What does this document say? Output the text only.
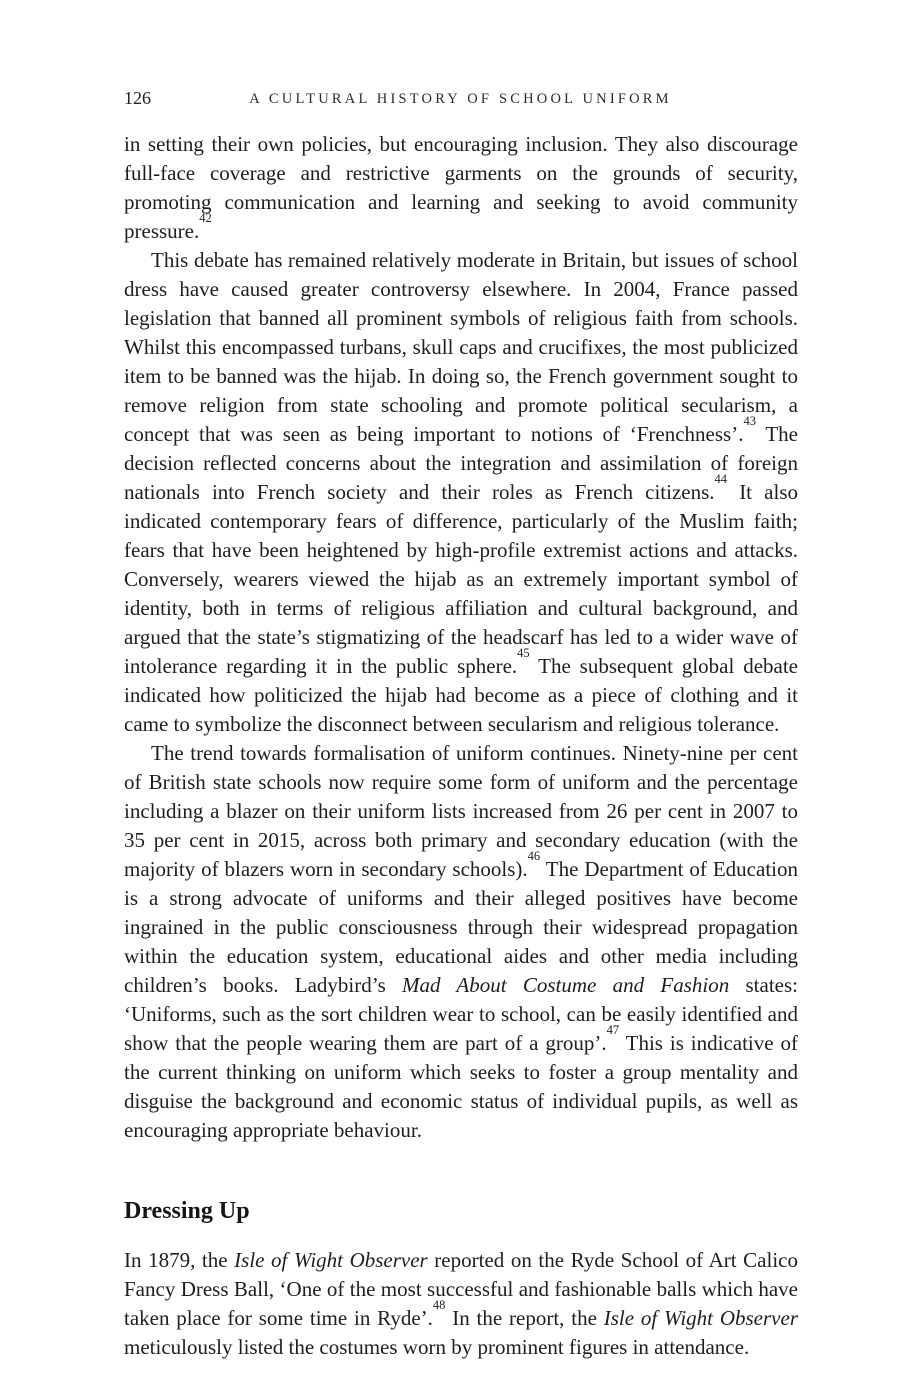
126	A CULTURAL HISTORY OF SCHOOL UNIFORM

in setting their own policies, but encouraging inclusion. They also discourage full-face coverage and restrictive garments on the grounds of security, promoting communication and learning and seeking to avoid community pressure.$^{42}$

This debate has remained relatively moderate in Britain, but issues of school dress have caused greater controversy elsewhere. In 2004, France passed legislation that banned all prominent symbols of religious faith from schools. Whilst this encompassed turbans, skull caps and crucifixes, the most publicized item to be banned was the hijab. In doing so, the French government sought to remove religion from state schooling and promote political secularism, a concept that was seen as being important to notions of ‘Frenchness’.$^{43}$ The decision reflected concerns about the integration and assimilation of foreign nationals into French society and their roles as French citizens.$^{44}$ It also indicated contemporary fears of difference, particularly of the Muslim faith; fears that have been heightened by high-profile extremist actions and attacks. Conversely, wearers viewed the hijab as an extremely important symbol of identity, both in terms of religious affiliation and cultural background, and argued that the state’s stigmatizing of the headscarf has led to a wider wave of intolerance regarding it in the public sphere.$^{45}$ The subsequent global debate indicated how politicized the hijab had become as a piece of clothing and it came to symbolize the disconnect between secularism and religious tolerance.

The trend towards formalisation of uniform continues. Ninety-nine per cent of British state schools now require some form of uniform and the percentage including a blazer on their uniform lists increased from 26 per cent in 2007 to 35 per cent in 2015, across both primary and secondary education (with the majority of blazers worn in secondary schools).$^{46}$ The Department of Education is a strong advocate of uniforms and their alleged positives have become ingrained in the public consciousness through their widespread propagation within the education system, educational aides and other media including children’s books. Ladybird’s Mad About Costume and Fashion states: ‘Uniforms, such as the sort children wear to school, can be easily identified and show that the people wearing them are part of a group’.$^{47}$ This is indicative of the current thinking on uniform which seeks to foster a group mentality and disguise the background and economic status of individual pupils, as well as encouraging appropriate behaviour.

Dressing Up

In 1879, the Isle of Wight Observer reported on the Ryde School of Art Calico Fancy Dress Ball, ‘One of the most successful and fashionable balls which have taken place for some time in Ryde’.$^{48}$ In the report, the Isle of Wight Observer meticulously listed the costumes worn by prominent figures in attendance.
